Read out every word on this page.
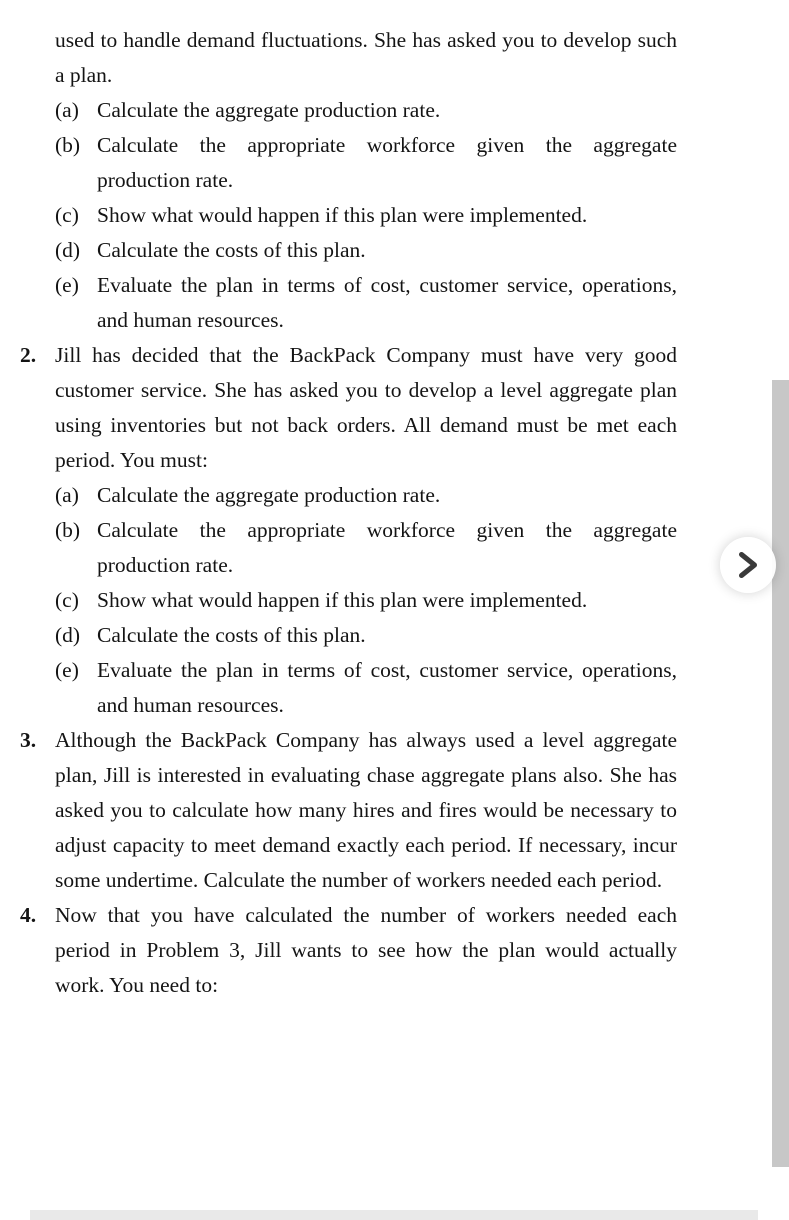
used to handle demand fluctuations. She has asked you to develop such a plan.

(a) Calculate the aggregate production rate.
(b) Calculate the appropriate workforce given the aggregate production rate.
(c) Show what would happen if this plan were implemented.
(d) Calculate the costs of this plan.
(e) Evaluate the plan in terms of cost, customer service, operations, and human resources.
2. Jill has decided that the BackPack Company must have very good customer service. She has asked you to develop a level aggregate plan using inventories but not back orders. All demand must be met each period. You must:

(a) Calculate the aggregate production rate.
(b) Calculate the appropriate workforce given the aggregate production rate.
(c) Show what would happen if this plan were implemented.
(d) Calculate the costs of this plan.
(e) Evaluate the plan in terms of cost, customer service, operations, and human resources.
3. Although the BackPack Company has always used a level aggregate plan, Jill is interested in evaluating chase aggregate plans also. She has asked you to calculate how many hires and fires would be necessary to adjust capacity to meet demand exactly each period. If necessary, incur some undertime. Calculate the number of workers needed each period.

4. Now that you have calculated the number of workers needed each period in Problem 3, Jill wants to see how the plan would actually work. You need to:
